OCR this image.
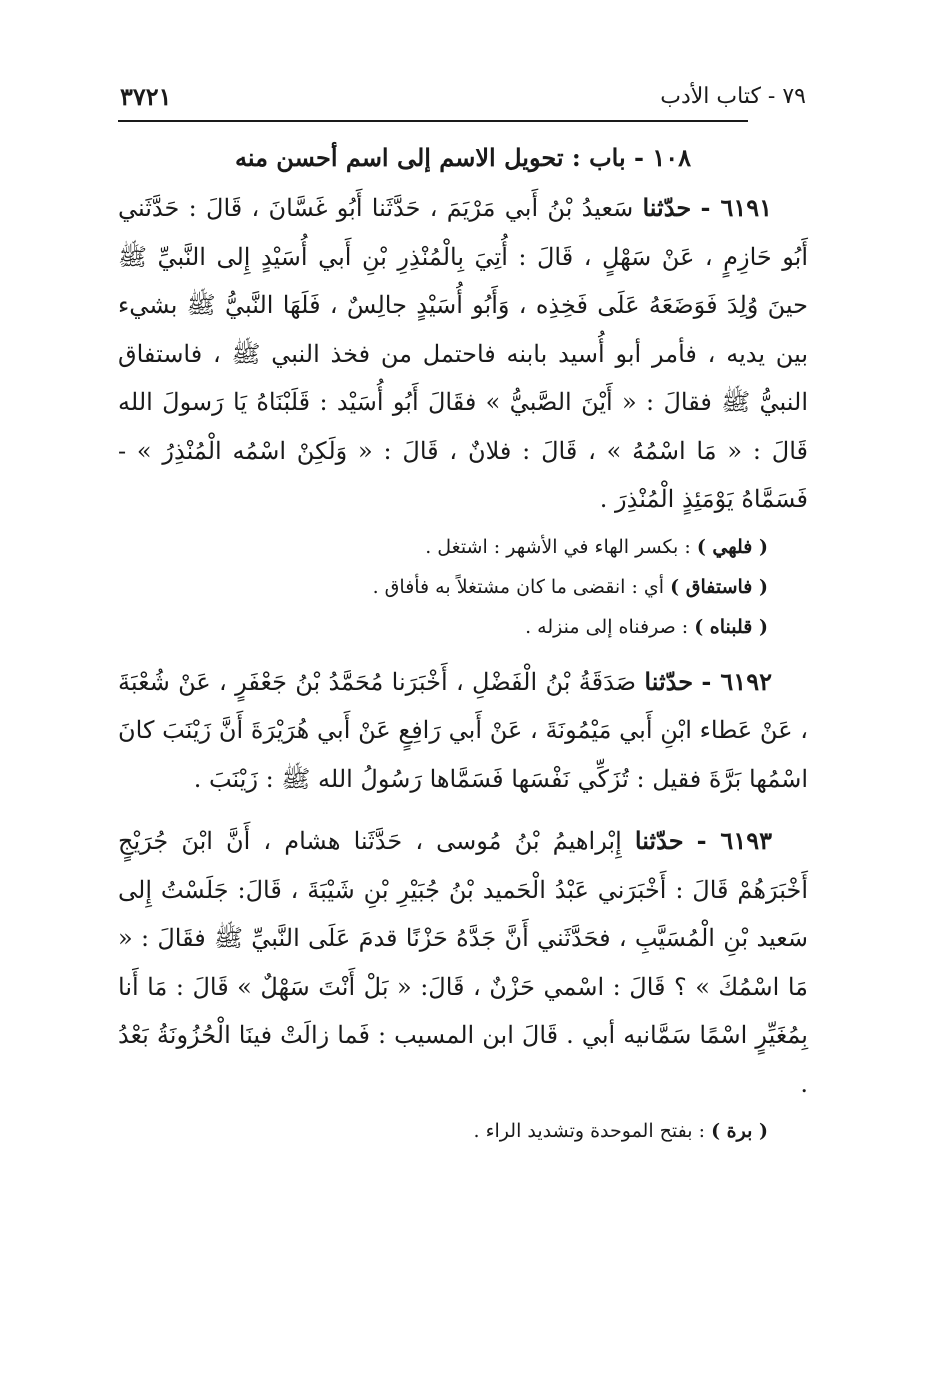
٧٩ - كتاب الأدب
٣٧٢١
١٠٨ - باب : تحويل الاسم إلى اسم أحسن منه

٦١٩١ - حدّثنا سَعيدُ بْنُ أَبي مَرْيَمَ ، حَدَّثَنا أَبُو غَسَّانَ ، قَالَ : حَدَّثَني أَبُو حَازِمٍ ، عَنْ سَهْلٍ ، قَالَ : أُتِيَ بِالْمُنْذِرِ بْنِ أَبي أُسَيْدٍ إِلى النَّبيِّ ﷺ حينَ وُلِدَ فَوَضَعَهُ عَلَى فَخِذِه ، وَأَبُو أُسَيْدٍ جالِسٌ ، فَلَهَا النَّبيُّ ﷺ بشيء بين يديه ، فأمر أبو أُسيد بابنه فاحتمل من فخذ النبي ﷺ ، فاستفاق النبيُّ ﷺ فقالَ : « أَيْنَ الصَّبيُّ » فقَالَ أَبُو أُسَيْد : قَلَبْنَاهُ يَا رَسولَ الله قَالَ : « مَا اسْمُهُ » ، قَالَ : فلانٌ ، قَالَ : « وَلَكِنْ اسْمُه الْمُنْذِرُ » - فَسَمَّاهُ يَوْمَئِذٍ الْمُنْذِرَ .

( فلهي ) : بكسر الهاء في الأشهر : اشتغل .
( فاستفاق ) أي : انقضى ما كان مشتغلاً به فأفاق .
( قلبناه ) : صرفناه إلى منزله .

٦١٩٢ - حدّثنا صَدَقَةُ بْنُ الْفَضْلِ ، أَخْبَرَنا مُحَمَّدُ بْنُ جَعْفَرٍ ، عَنْ شُعْبَةَ ، عَنْ عَطاء ابْنِ أَبي مَيْمُونَةَ ، عَنْ أَبي رَافِعٍ عَنْ أَبي هُرَيْرَةَ أَنَّ زَيْنَبَ كانَ اسْمُها بَرَّةَ فقيل : تُزَكِّي نَفْسَها فَسَمَّاها رَسُولُ الله ﷺ : زَيْنَبَ .

٦١٩٣ - حدّثنا إِبْراهيمُ بْنُ مُوسى ، حَدَّثَنا هشام ، أَنَّ ابْنَ جُرَيْجٍ أَخْبَرَهُمْ قَالَ : أَخْبَرَني عَبْدُ الْحَميد بْنُ جُبَيْرِ بْنِ شَيْبَةَ ، قَالَ: جَلَسْتُ إِلى سَعيد بْنِ الْمُسَيَّبِ ، فحَدَّثَني أَنَّ جَدَّهُ حَزْنًا قدمَ عَلَى النَّبيِّ ﷺ فقَالَ : « مَا اسْمُكَ » ؟ قَالَ : اسْمي حَزْنٌ ، قَالَ: « بَلْ أَنْتَ سَهْلٌ » قَالَ : مَا أَنا بِمُغَيِّرٍ اسْمًا سَمَّانيه أبي . قَالَ ابن المسيب : فَما زالَتْ فينَا الْحُزُونَةُ بَعْدُ .

( برة ) : بفتح الموحدة وتشديد الراء .
